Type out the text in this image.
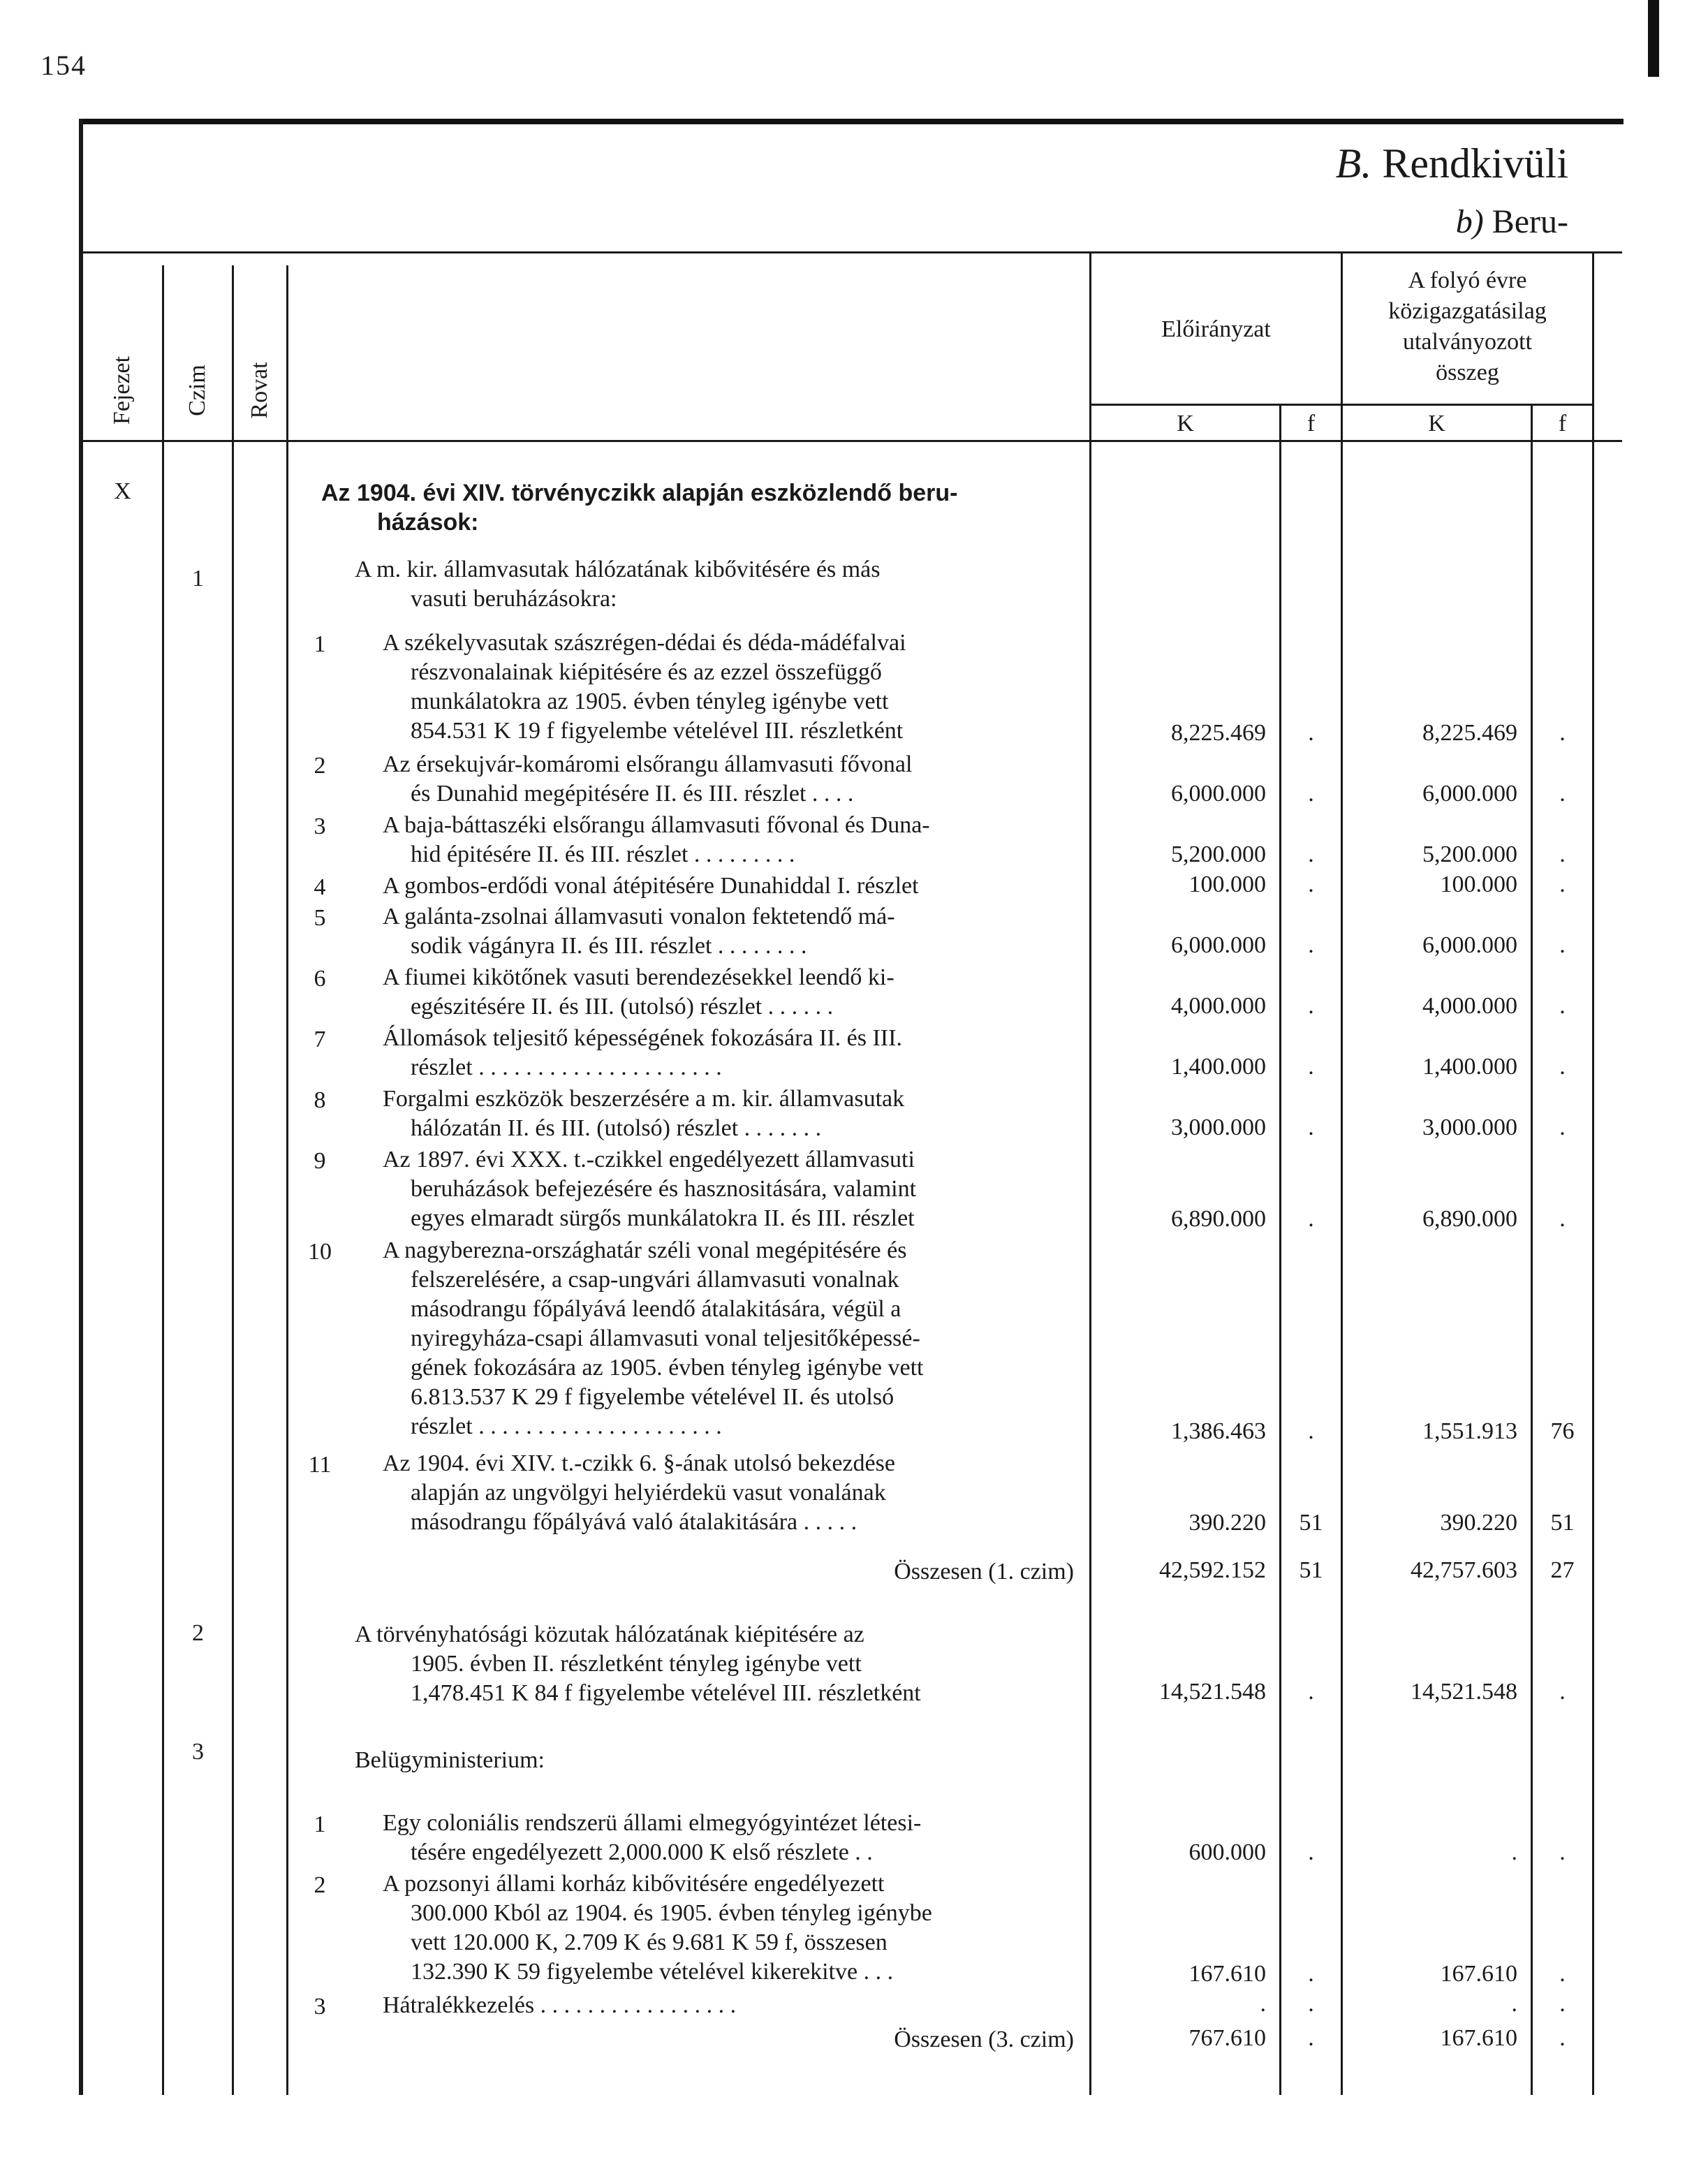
154
B. Rendkivüli
b) Beru-
Fejezet Czim Rovat
Előirányzat
A folyó évre
közigazgatásilag
utalványozott
összeg
K	f	K	f
X	Az 1904. évi XIV. törvényczikk alapján eszközlendő beru-
házások:
1	A m. kir. államvasutak hálózatának kibővitésére és más
vasuti beruházásokra:
1	A székelyvasutak szászrégen-dédai és déda-mádéfalvai
részvonalainak kiépitésére és az ezzel összefüggő
munkálatokra az 1905. évben tényleg igénybe vett
854.531 K 19 f figyelembe vételével III. részletként	8,225.469	.	8,225.469	.
2	Az érsekujvár-komáromi elsőrangu államvasuti fővonal
és Dunahid megépitésére II. és III. részlet . . . .	6,000.000	.	6,000.000	.
3	A baja-báttaszéki elsőrangu államvasuti fővonal és Duna-
hid épitésére II. és III. részlet . . . . . . . . .	5,200.000	.	5,200.000	.
4	A gombos-erdődi vonal átépitésére Dunahiddal I. részlet	100.000	.	100.000	.
5	A galánta-zsolnai államvasuti vonalon fektetendő má-
sodik vágányra II. és III. részlet . . . . . . . .	6,000.000	.	6,000.000	.
6	A fiumei kikötőnek vasuti berendezésekkel leendő ki-
egészitésére II. és III. (utolsó) részlet . . . . . .	4,000.000	.	4,000.000	.
7	Állomások teljesitő képességének fokozására II. és III.
részlet . . . . . . . . . . . . . . . . . . . . .	1,400.000	.	1,400.000	.
8	Forgalmi eszközök beszerzésére a m. kir. államvasutak
hálózatán II. és III. (utolsó) részlet . . . . . . .	3,000.000	.	3,000.000	.
9	Az 1897. évi XXX. t.-czikkel engedélyezett államvasuti
beruházások befejezésére és hasznositására, valamint
egyes elmaradt sürgős munkálatokra II. és III. részlet	6,890.000	.	6,890.000	.
10	A nagyberezna-országhatár széli vonal megépitésére és
felszerelésére, a csap-ungvári államvasuti vonalnak
másodrangu főpályává leendő átalakitására, végül a
nyiregyháza-csapi államvasuti vonal teljesitőképessé-
gének fokozására az 1905. évben tényleg igénybe vett
6.813.537 K 29 f figyelembe vételével II. és utolsó
részlet . . . . . . . . . . . . . . . . . . . . .	1,386.463	.	1,551.913	76
11	Az 1904. évi XIV. t.-czikk 6. §-ának utolsó bekezdése
alapján az ungvölgyi helyiérdekü vasut vonalának
másodrangu főpályává való átalakitására . . . . .	390.220	51	390.220	51
Összesen (1. czim)	42,592.152	51	42,757.603	27
2	A törvényhatósági közutak hálózatának kiépitésére az
1905. évben II. részletként tényleg igénybe vett
1,478.451 K 84 f figyelembe vételével III. részletként	14,521.548	.	14,521.548	.
3	Belügyministerium:
1	Egy coloniális rendszerü állami elmegyógyintézet létesi-
tésére engedélyezett 2,000.000 K első részlete . .	600.000	.	.	.
2	A pozsonyi állami korház kibővitésére engedélyezett
300.000 Kból az 1904. és 1905. évben tényleg igénybe
vett 120.000 K, 2.709 K és 9.681 K 59 f, összesen
132.390 K 59 figyelembe vételével kikerekitve . . .	167.610	.	167.610	.
3	Hátralékkezelés . . . . . . . . . . . . . . . . .	.	.	.	.
Összesen (3. czim)	767.610	.	167.610	.
